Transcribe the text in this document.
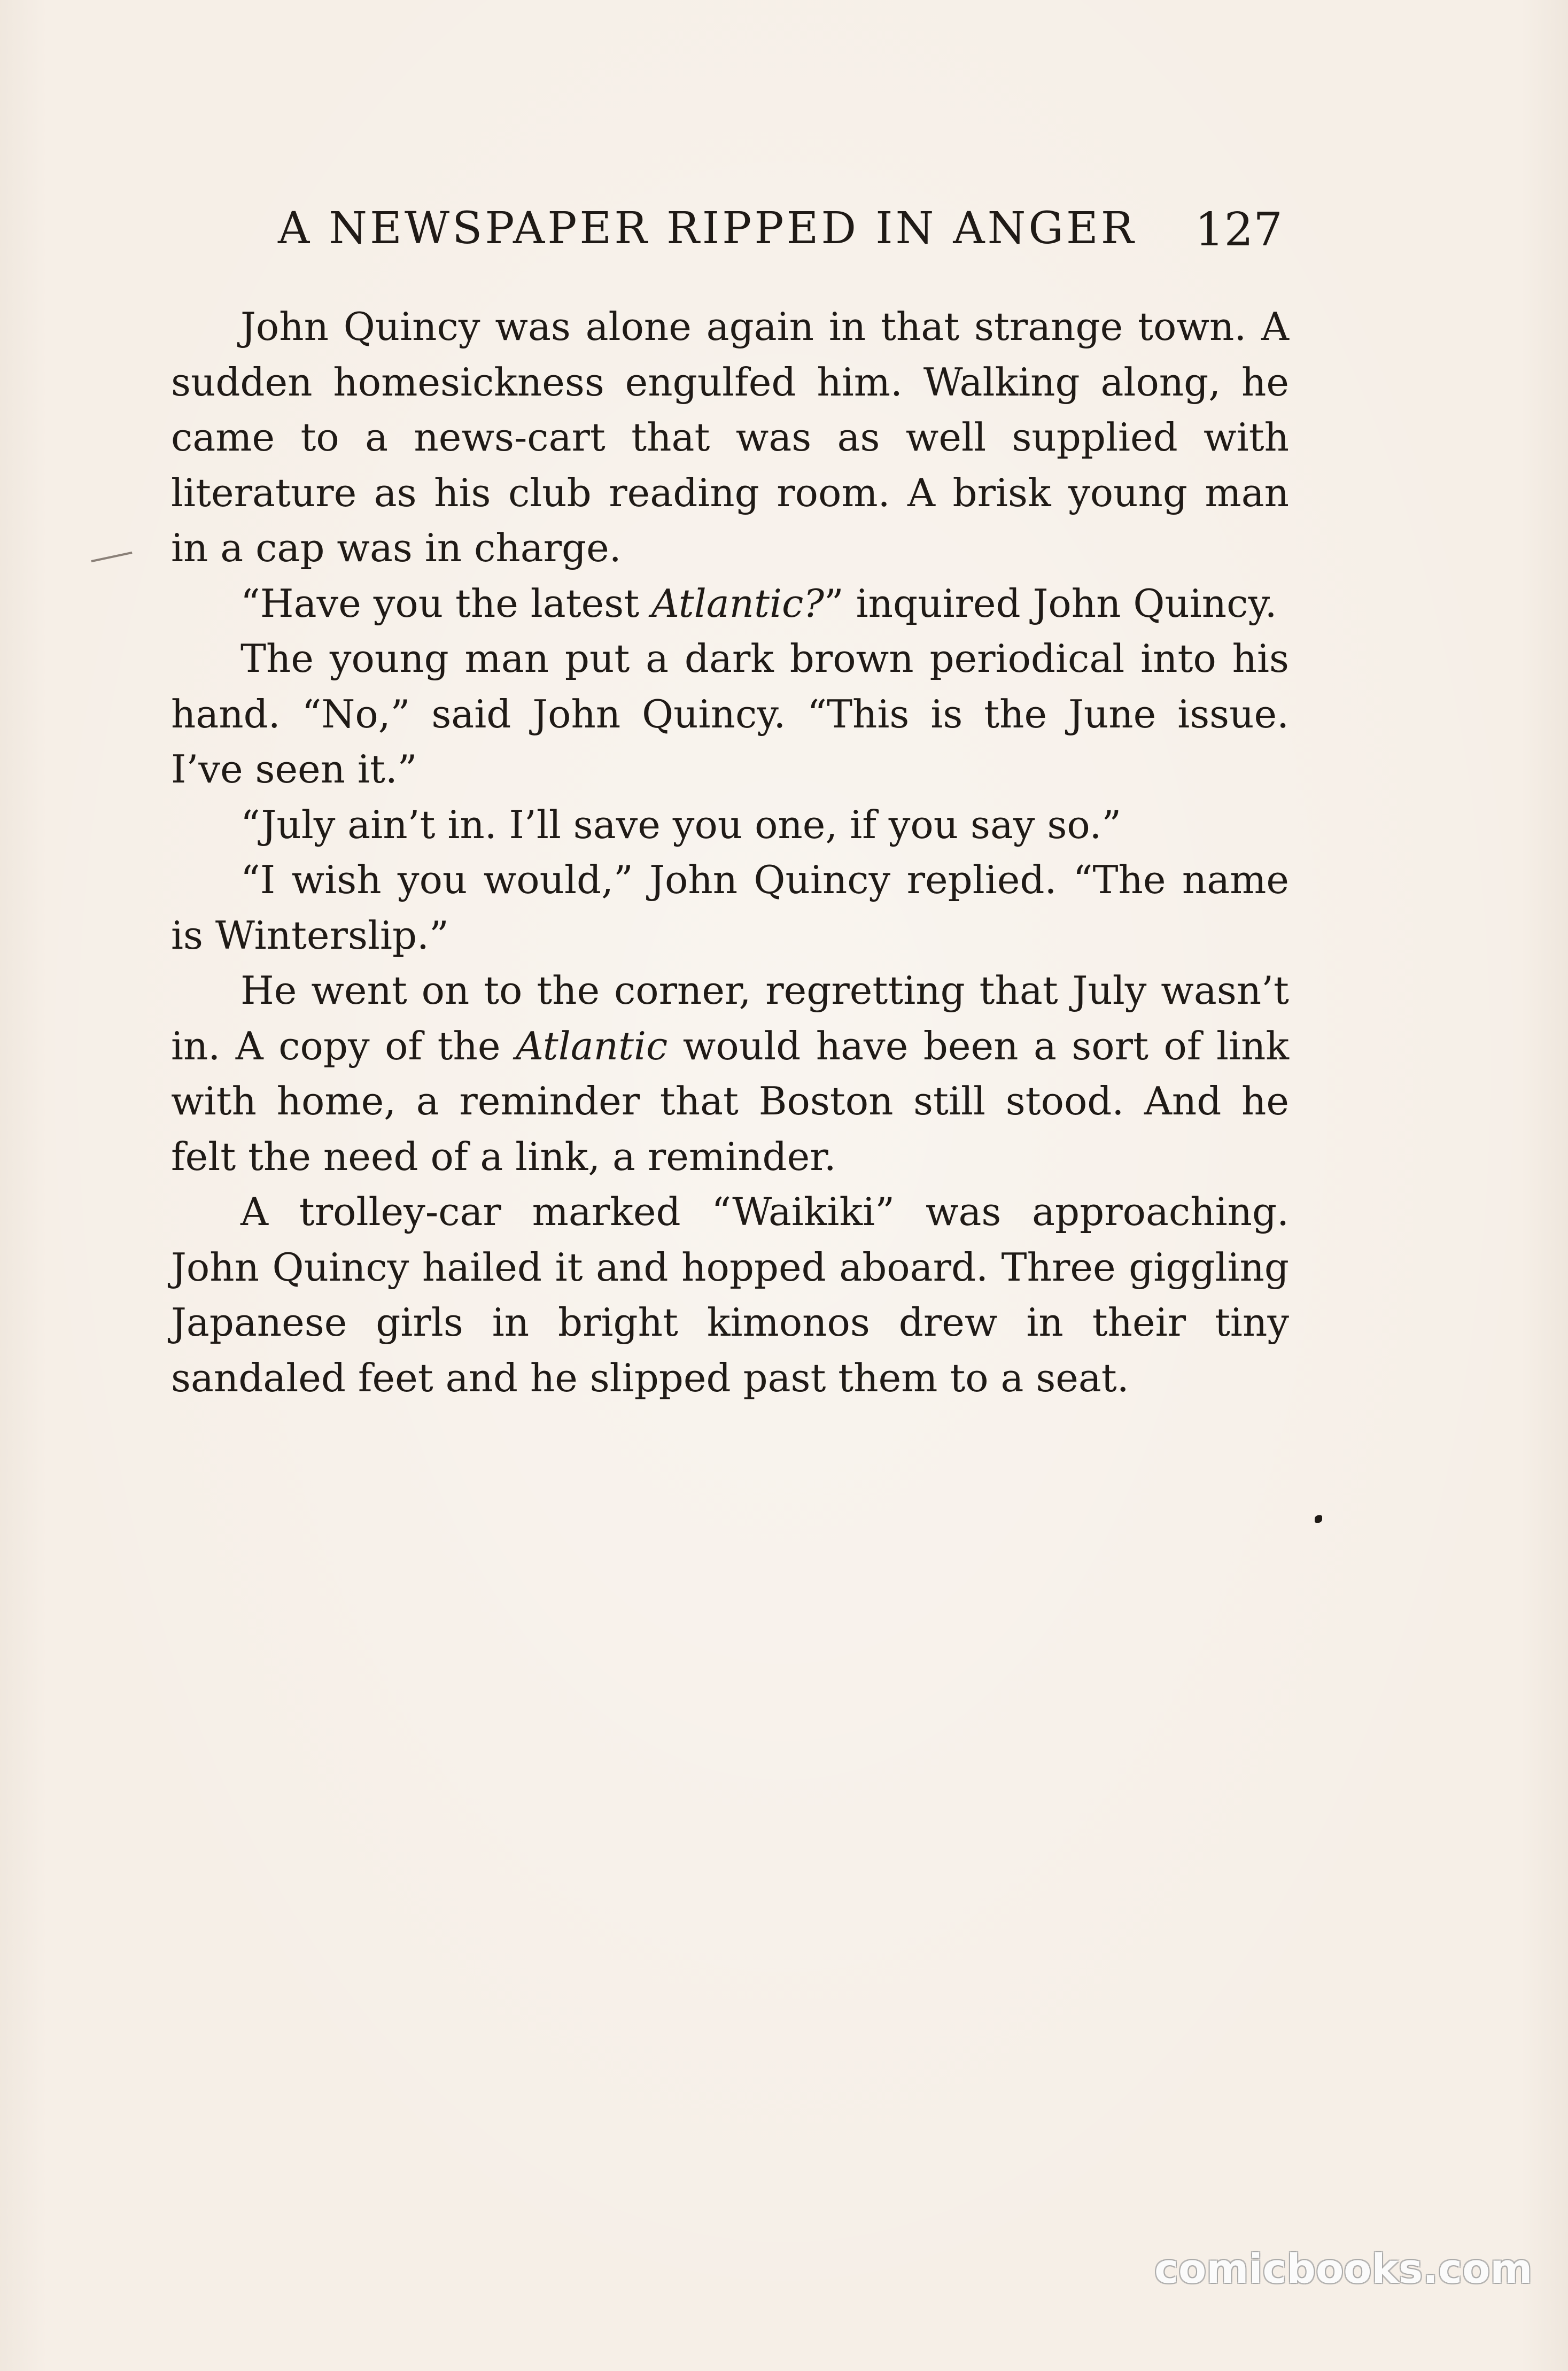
A NEWSPAPER RIPPED IN ANGER 127

John Quincy was alone again in that strange town. A sudden homesickness engulfed him. Walking along, he came to a news-cart that was as well supplied with literature as his club reading room. A brisk young man in a cap was in charge.

“Have you the latest Atlantic?” inquired John Quincy.

The young man put a dark brown periodical into his hand. “No,” said John Quincy. “This is the June issue. I’ve seen it.”

“July ain’t in. I’ll save you one, if you say so.”

“I wish you would,” John Quincy replied. “The name is Winterslip.”

He went on to the corner, regretting that July wasn’t in. A copy of the Atlantic would have been a sort of link with home, a reminder that Boston still stood. And he felt the need of a link, a reminder.

A trolley-car marked “Waikiki” was approaching. John Quincy hailed it and hopped aboard. Three giggling Japanese girls in bright kimonos drew in their tiny sandaled feet and he slipped past them to a seat.

comicbooks.com
